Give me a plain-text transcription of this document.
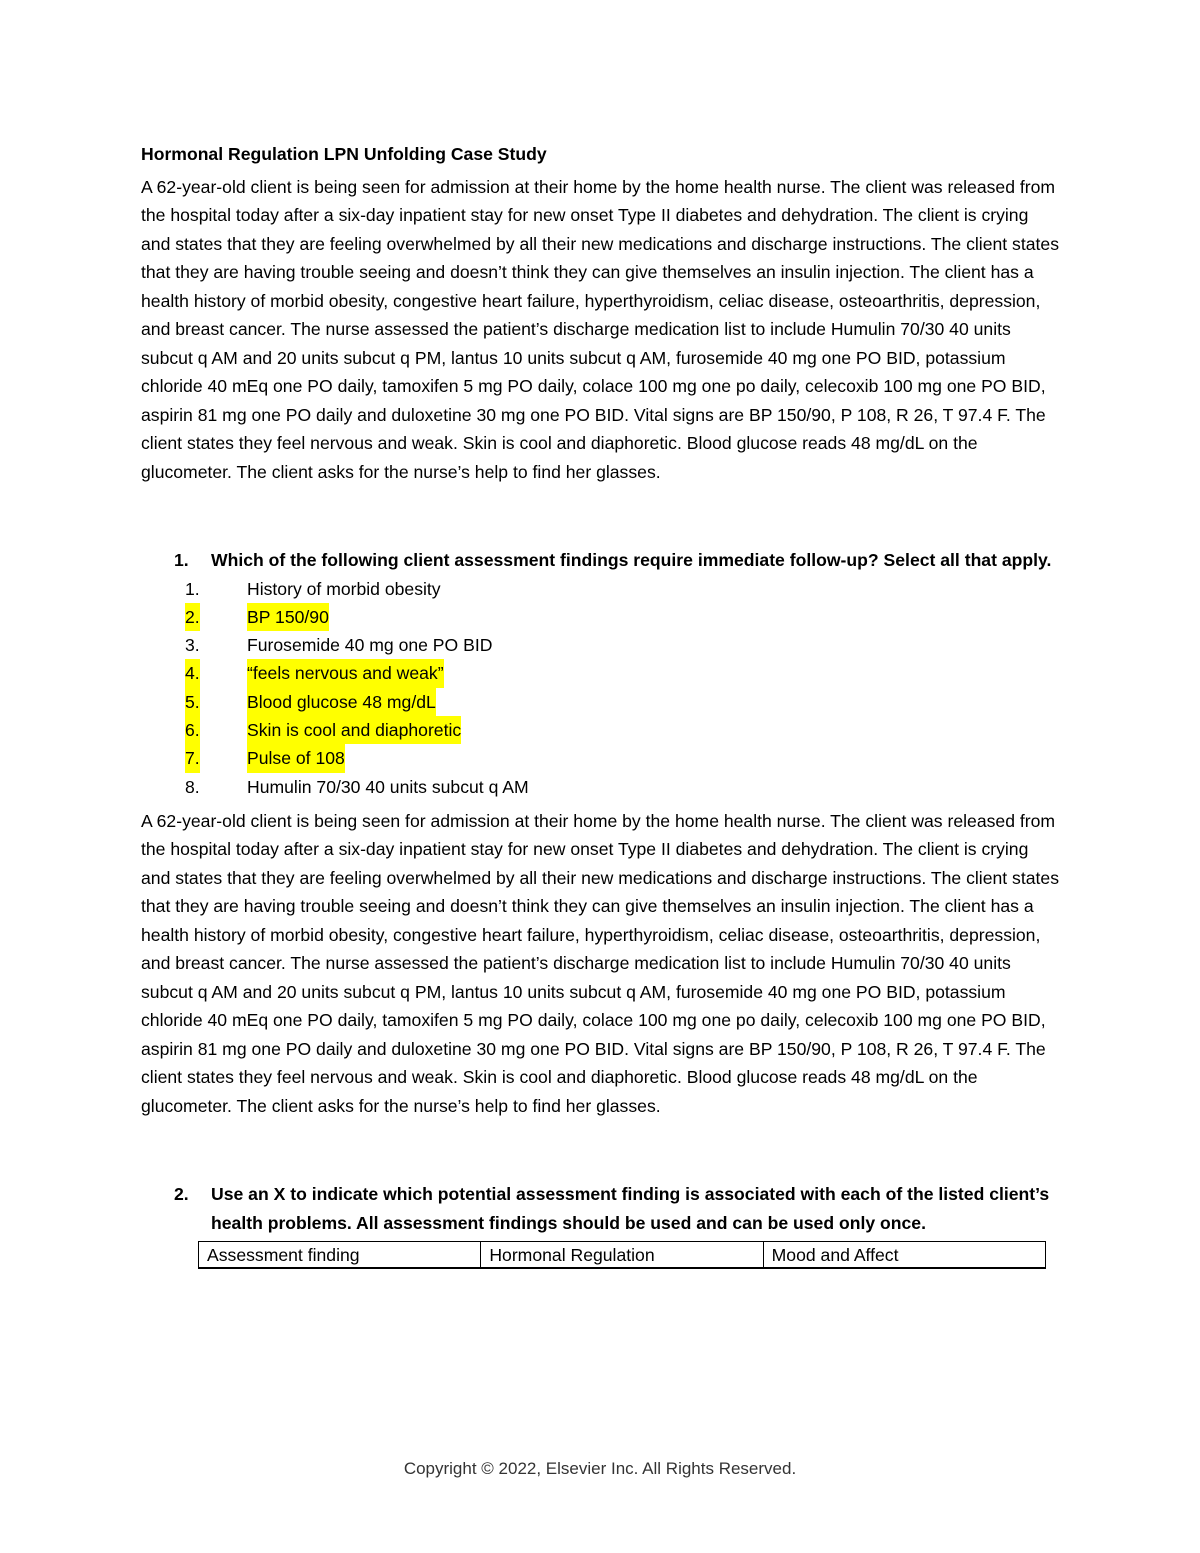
Hormonal Regulation LPN Unfolding Case Study

A 62-year-old client is being seen for admission at their home by the home health nurse. The client was released from the hospital today after a six-day inpatient stay for new onset Type II diabetes and dehydration. The client is crying and states that they are feeling overwhelmed by all their new medications and discharge instructions. The client states that they are having trouble seeing and doesn’t think they can give themselves an insulin injection. The client has a health history of morbid obesity, congestive heart failure, hyperthyroidism, celiac disease, osteoarthritis, depression, and breast cancer. The nurse assessed the patient’s discharge medication list to include Humulin 70/30 40 units subcut q AM and 20 units subcut q PM, lantus 10 units subcut q AM, furosemide 40 mg one PO BID, potassium chloride 40 mEq one PO daily, tamoxifen 5 mg PO daily, colace 100 mg one po daily, celecoxib 100 mg one PO BID, aspirin 81 mg one PO daily and duloxetine 30 mg one PO BID. Vital signs are BP 150/90, P 108, R 26, T 97.4 F. The client states they feel nervous and weak. Skin is cool and diaphoretic. Blood glucose reads 48 mg/dL on the glucometer. The client asks for the nurse’s help to find her glasses.

1.	Which of the following client assessment findings require immediate follow-up? Select all that apply.
1.	History of morbid obesity
2.	BP 150/90
3.	Furosemide 40 mg one PO BID
4.	“feels nervous and weak”
5.	Blood glucose 48 mg/dL
6.	Skin is cool and diaphoretic
7.	Pulse of 108
8.	Humulin 70/30 40 units subcut q AM

A 62-year-old client is being seen for admission at their home by the home health nurse. The client was released from the hospital today after a six-day inpatient stay for new onset Type II diabetes and dehydration. The client is crying and states that they are feeling overwhelmed by all their new medications and discharge instructions. The client states that they are having trouble seeing and doesn’t think they can give themselves an insulin injection. The client has a health history of morbid obesity, congestive heart failure, hyperthyroidism, celiac disease, osteoarthritis, depression, and breast cancer. The nurse assessed the patient’s discharge medication list to include Humulin 70/30 40 units subcut q AM and 20 units subcut q PM, lantus 10 units subcut q AM, furosemide 40 mg one PO BID, potassium chloride 40 mEq one PO daily, tamoxifen 5 mg PO daily, colace 100 mg one po daily, celecoxib 100 mg one PO BID, aspirin 81 mg one PO daily and duloxetine 30 mg one PO BID. Vital signs are BP 150/90, P 108, R 26, T 97.4 F. The client states they feel nervous and weak. Skin is cool and diaphoretic. Blood glucose reads 48 mg/dL on the glucometer. The client asks for the nurse’s help to find her glasses.

2.	Use an X to indicate which potential assessment finding is associated with each of the listed client’s health problems. All assessment findings should be used and can be used only once.
Assessment finding	Hormonal Regulation	Mood and Affect
Copyright © 2022, Elsevier Inc. All Rights Reserved.
